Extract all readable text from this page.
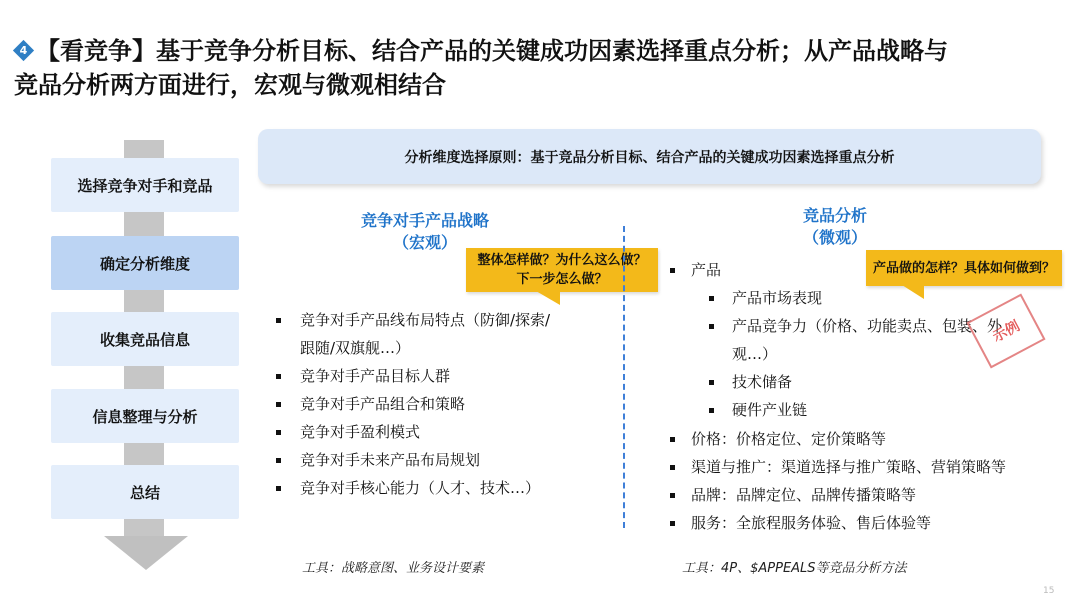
4 【看竞争】基于竞争分析目标、结合产品的关键成功因素选择重点分析；从产品战略与
竞品分析两方面进行，宏观与微观相结合
选择竞争对手和竞品
确定分析维度
收集竞品信息
信息整理与分析
总结
分析维度选择原则：基于竞品分析目标、结合产品的关键成功因素选择重点分析
竞争对手产品战略
（宏观）
整体怎样做？为什么这么做？
下一步怎么做？
竞争对手产品线布局特点（防御/探索/
跟随/双旗舰…）
竞争对手产品目标人群
竞争对手产品组合和策略
竞争对手盈利模式
竞争对手未来产品布局规划
竞争对手核心能力（人才、技术…）
工具：战略意图、业务设计要素
竞品分析
（微观）
产品做的怎样？具体如何做到？
产品
产品市场表现
产品竞争力（价格、功能卖点、包装、外
观…）
技术储备
硬件产业链
价格：价格定位、定价策略等
渠道与推广：渠道选择与推广策略、营销策略等
品牌：品牌定位、品牌传播策略等
服务：全旅程服务体验、售后体验等
示例
工具：4P、$APPEALS等竞品分析方法
15
